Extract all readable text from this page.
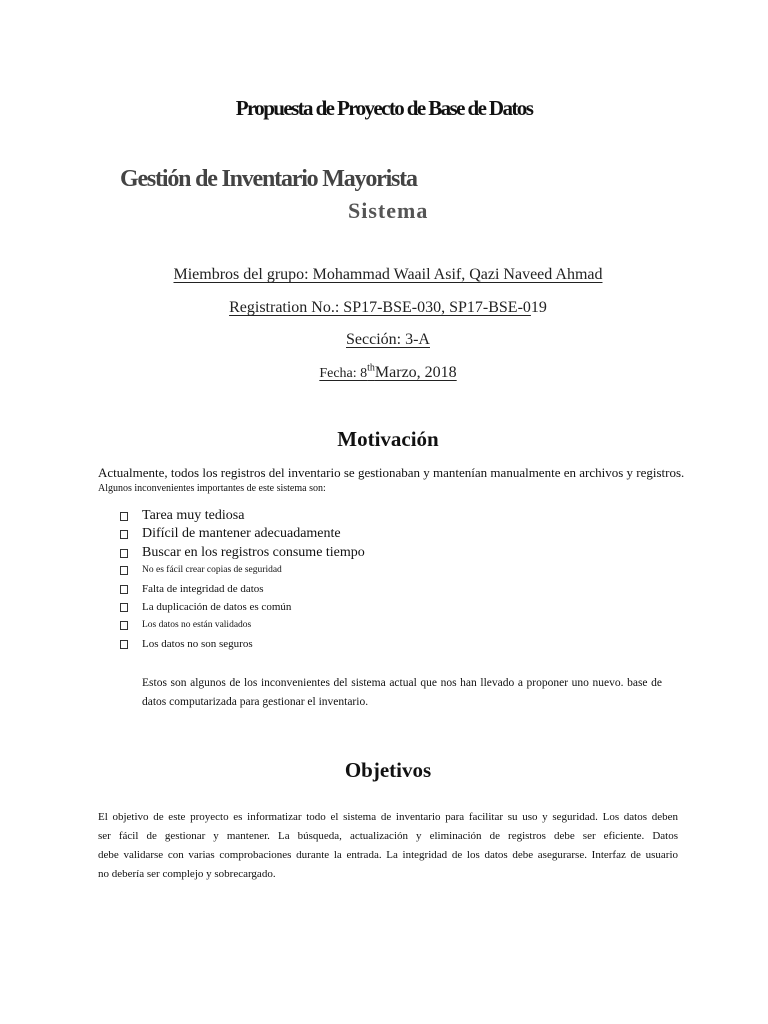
Propuesta de Proyecto de Base de Datos
Gestión de Inventario Mayorista
Sistema
Miembros del grupo: Mohammad Waail Asif, Qazi Naveed Ahmad
Registration No.: SP17-BSE-030, SP17-BSE-019
Sección: 3-A
Fecha: 8thMarzo, 2018
Motivación
Actualmente, todos los registros del inventario se gestionaban y mantenían manualmente en archivos y registros.
Algunos inconvenientes importantes de este sistema son:
Tarea muy tediosa
Difícil de mantener adecuadamente
Buscar en los registros consume tiempo
No es fácil crear copias de seguridad
Falta de integridad de datos
La duplicación de datos es común
Los datos no están validados
Los datos no son seguros
Estos son algunos de los inconvenientes del sistema actual que nos han llevado a proponer uno nuevo. base de datos computarizada para gestionar el inventario.
Objetivos
El objetivo de este proyecto es informatizar todo el sistema de inventario para facilitar su uso y seguridad. Los datos deben
ser fácil de gestionar y mantener. La búsqueda, actualización y eliminación de registros debe ser eficiente. Datos
debe validarse con varias comprobaciones durante la entrada. La integridad de los datos debe asegurarse. Interfaz de usuario
no debería ser complejo y sobrecargado.
